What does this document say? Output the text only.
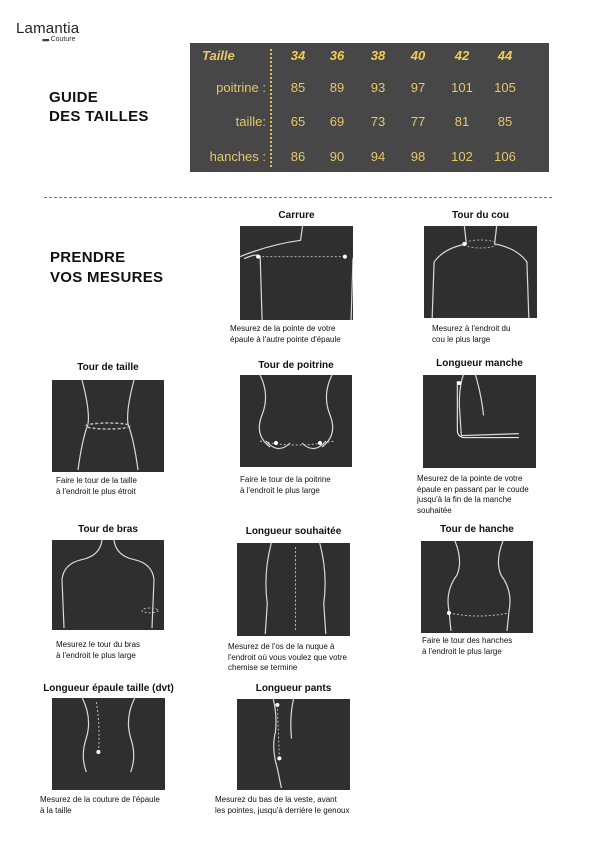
Lamantia
▪▪▪ Couture
GUIDE
DES TAILLES
Taille	34	36	38	40	42	44
poitrine :	85	89	93	97	101	105
taille:	65	69	73	77	81	85
hanches :	86	90	94	98	102	106
PRENDRE
VOS MESURES
Carrure
Mesurez de la pointe de votre
épaule à l'autre pointe d'épaule
Tour du cou
Mesurez à l'endroit du
cou le plus large
Tour de taille
Faire le tour de la taille
à l'endroit le plus étroit
Tour de poitrine
Faire le tour de la poitrine
à l'endroit le plus large
Longueur manche
Mesurez de la pointe de votre
épaule en passant par le coude
jusqu'à la fin de la manche
souhaitée
Tour de bras
Mesurez le tour du bras
à l'endroit le plus large
Longueur souhaitée
Mesurez de l'os de la nuque à
l'endroit où vous voulez que votre
chemise se termine
Tour de hanche
Faire le tour des hanches
à l'endroit le plus large
Longueur épaule taille (dvt)
Mesurez de la couture de l'épaule
à la taille
Longueur pants
Mesurez du bas de la veste, avant
les pointes, jusqu'à derrière le genoux
